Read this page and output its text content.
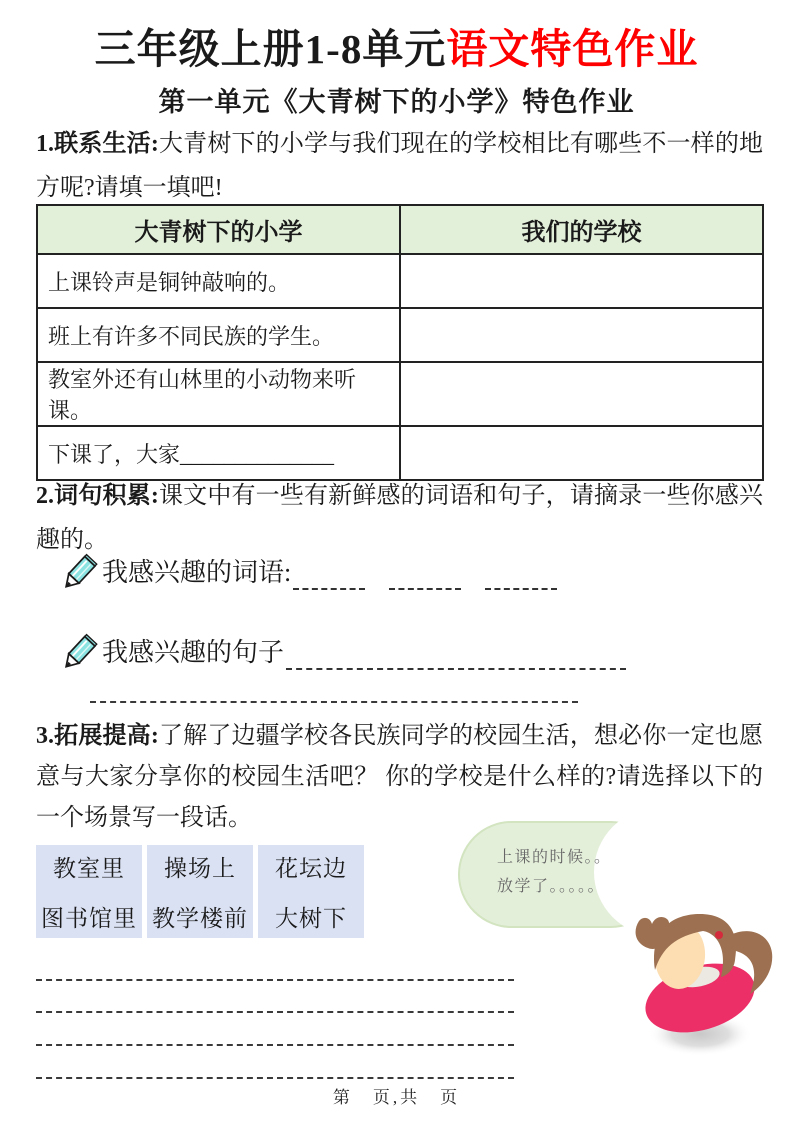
三年级上册1-8单元语文特色作业
第一单元《大青树下的小学》特色作业
1.联系生活:大青树下的小学与我们现在的学校相比有哪些不一样的地方呢?请填一填吧!
大青树下的小学	我们的学校
上课铃声是铜钟敲响的。	
班上有许多不同民族的学生。	
教室外还有山林里的小动物来听课。	
下课了，大家______________	
2.词句积累:课文中有一些有新鲜感的词语和句子，请摘录一些你感兴趣的。
我感兴趣的词语:
我感兴趣的句子
3.拓展提高:了解了边疆学校各民族同学的校园生活，想必你一定也愿意与大家分享你的校园生活吧？ 你的学校是什么样的?请选择以下的一个场景写一段话。
教室里
图书馆里
操场上
教学楼前
花坛边
大树下
上课的时候。。
放学了。。。。。
第　页,共　页
